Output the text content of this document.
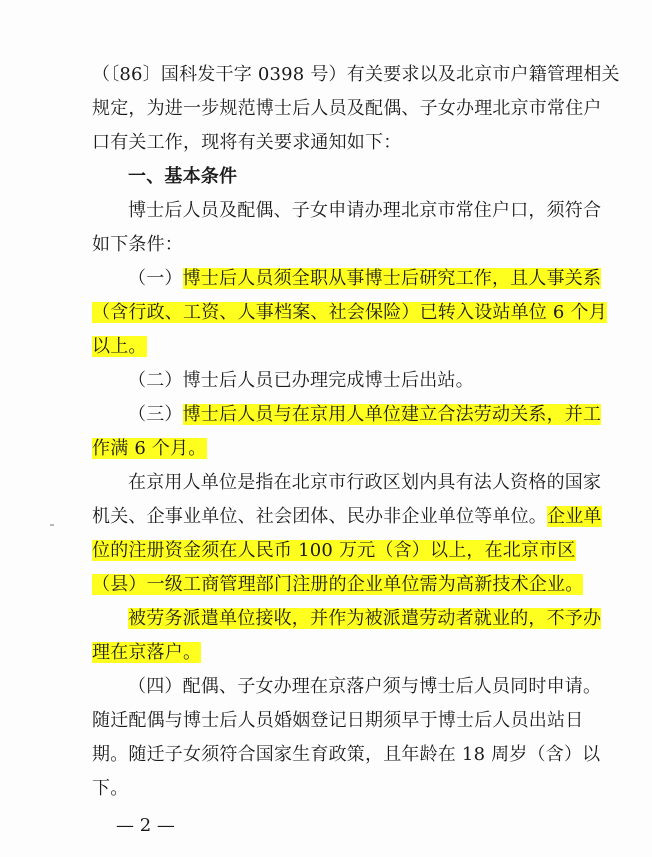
（〔86〕国科发干字 0398 号）有关要求以及北京市户籍管理相关
规定，为进一步规范博士后人员及配偶、子女办理北京市常住户
口有关工作，现将有关要求通知如下：
一、基本条件
博士后人员及配偶、子女申请办理北京市常住户口，须符合
如下条件：
（一）博士后人员须全职从事博士后研究工作，且人事关系
（含行政、工资、人事档案、社会保险）已转入设站单位 6 个月
以上。
（二）博士后人员已办理完成博士后出站。
（三）博士后人员与在京用人单位建立合法劳动关系，并工
作满 6 个月。
在京用人单位是指在北京市行政区划内具有法人资格的国家
机关、企事业单位、社会团体、民办非企业单位等单位。企业单
位的注册资金须在人民币 100 万元（含）以上，在北京市区
（县）一级工商管理部门注册的企业单位需为高新技术企业。
被劳务派遣单位接收，并作为被派遣劳动者就业的，不予办
理在京落户。
（四）配偶、子女办理在京落户须与博士后人员同时申请。
随迁配偶与博士后人员婚姻登记日期须早于博士后人员出站日
期。随迁子女须符合国家生育政策，且年龄在 18 周岁（含）以
下。
— 2 —
